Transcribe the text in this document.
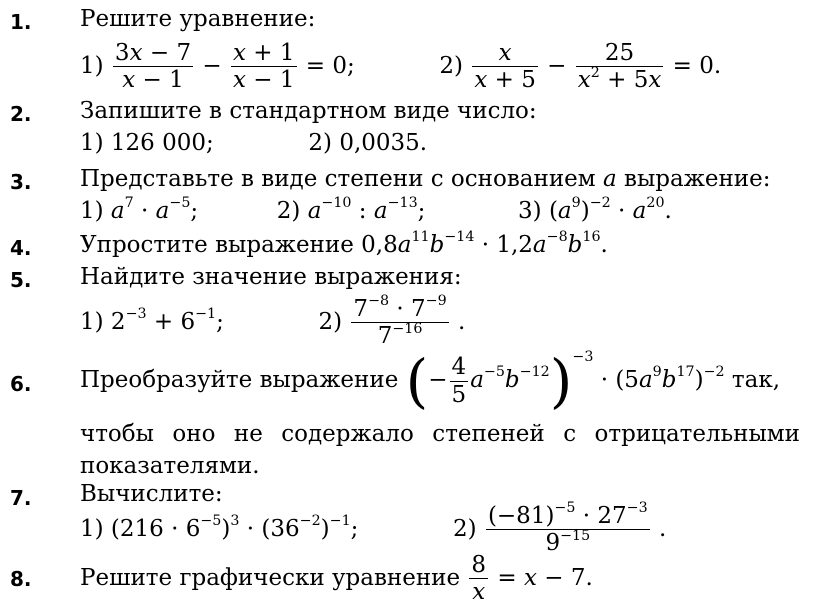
1. Решите уравнение:
$1) \frac{3x - 7}{x - 1} - \frac{x + 1}{x - 1} = 0$;	$2) \frac{x}{x + 5} - \frac{25}{x^2 + 5x} = 0$.
2. Запишите в стандартном виде число:
1) 126 000;	2) 0,0035.
3. Представьте в виде степени с основанием a выражение:
1) $a^7 \cdot a^{-5}$;	2) $a^{-10}$ : $a^{-13}$;	3) $(a^9)^{-2} \cdot a^{20}$.
4. Упростите выражение $0,8a^{11}b^{-14} \cdot 1,2a^{-8}b^{16}$.
5. Найдите значение выражения:
1) $2^{-3} + 6^{-1}$;	$2) \frac{7^{-8} \cdot 7^{-9}}{7^{-16}}$ .
6. Преобразуйте выражение (− $\frac{4}{5} a^{-5}b^{-12})^{-3} \cdot (5a^9b^{17})^{-2}$ так,
чтобы оно не содержало степеней с отрицательными показателями.
7. Вычислите:
1) $(216 \cdot 6^{-5})^3 \cdot (36^{-2})^{-1}$;	$2) \frac{(-81)^{-5} \cdot 27^{-3}}{9^{-15}}$ .
8. Решите графически уравнение $\frac{8}{x} = x - 7$.
